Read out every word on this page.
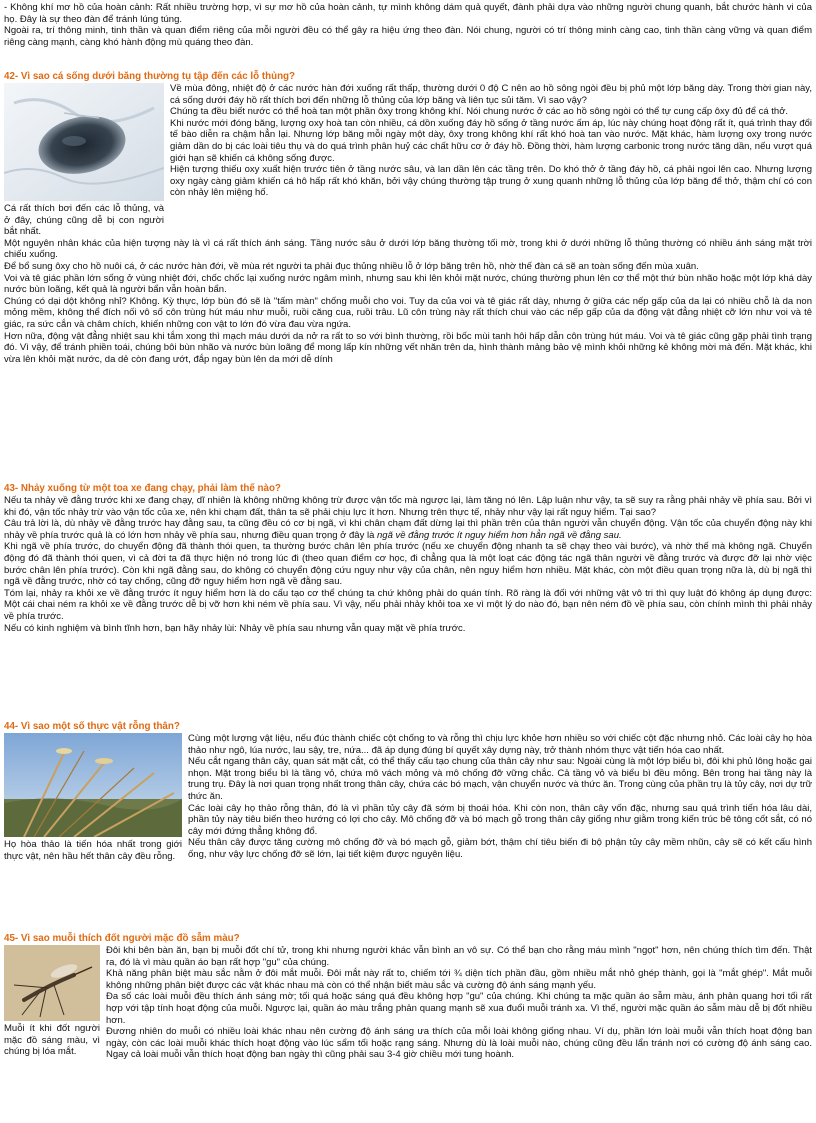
- Không khí mơ hồ của hoàn cảnh: Rất nhiều trường hợp, vì sự mơ hồ của hoàn cảnh, tự mình không dám quả quyết, đành phải dựa vào những người chung quanh, bắt chước hành vi của họ. Đây là sự theo đàn để tránh lúng túng.

Ngoài ra, trí thông minh, tinh thần và quan điểm riêng của mỗi người đều có thể gây ra hiệu ứng theo đàn. Nói chung, người có trí thông minh càng cao, tinh thần càng vững và quan điểm riêng càng mạnh, càng khó hành động mù quáng theo đàn.

42- Vì sao cá sống dưới băng thường tụ tập đến các lỗ thủng?

Cá rất thích bơi đến các lỗ thủng, và ở đây, chúng cũng dễ bị con người bắt nhất.

Về mùa đông, nhiệt độ ở các nước hàn đới xuống rất thấp, thường dưới 0 độ C nên ao hồ sông ngòi đều bị phủ một lớp băng dày. Trong thời gian này, cá sống dưới đáy hồ rất thích bơi đến những lỗ thủng của lớp băng và liên tục sủi tăm. Vì sao vậy?

Chúng ta đều biết nước có thể hoà tan một phần ôxy trong không khí. Nói chung nước ở các ao hồ sông ngòi có thể tự cung cấp ôxy đủ để cá thở.

Khi nước mới đóng băng, lượng oxy hoà tan còn nhiều, cá dồn xuống đáy hồ sống ở tầng nước ấm áp, lúc này chúng hoạt động rất ít, quá trình thay đổi tế bào diễn ra chậm hẳn lại. Nhưng lớp băng mỗi ngày một dày, ôxy trong không khí rất khó hoà tan vào nước. Mặt khác, hàm lượng oxy trong nước giảm dần do bị các loài tiêu thụ và do quá trình phân huỷ các chất hữu cơ ở đáy hồ. Đồng thời, hàm lượng carbonic trong nước tăng dần, nếu vượt quá giới hạn sẽ khiến cá không sống được.

Hiện tượng thiếu oxy xuất hiện trước tiên ở tầng nước sâu, và lan dần lên các tầng trên. Do khó thở ở tầng đáy hồ, cá phải ngoi lên cao. Nhưng lượng oxy ngày càng giảm khiến cá hô hấp rất khó khăn, bởi vậy chúng thường tập trung ở xung quanh những lỗ thủng của lớp băng để thở, thậm chí có con còn nhảy lên miệng hố.

Một nguyên nhân khác của hiện tượng này là vì cá rất thích ánh sáng. Tầng nước sâu ở dưới lớp băng thường tối mờ, trong khi ở dưới những lỗ thủng thường có nhiều ánh sáng mặt trời chiếu xuống.

Để bổ sung ôxy cho hồ nuôi cá, ở các nước hàn đới, về mùa rét người ta phải đục thủng nhiều lỗ ở lớp băng trên hồ, nhờ thế đàn cá sẽ an toàn sống đến mùa xuân.

Voi và tê giác phần lớn sống ở vùng nhiệt đới, chốc chốc lại xuống nước ngâm mình, nhưng sau khi lên khỏi mặt nước, chúng thường phun lên cơ thể một thứ bùn nhão hoặc một lớp khá dày nước bùn loãng, kết quả là người bẩn vẫn hoàn bẩn.

Chúng có dại dột không nhỉ? Không. Kỳ thực, lớp bùn đó sẽ là "tấm màn" chống muỗi cho voi. Tuy da của voi và tê giác rất dày, nhưng ở giữa các nếp gấp của da lại có nhiều chỗ là da non mỏng mềm, không thể đích nối vô số côn trùng hút máu như muỗi, ruồi căng cua, ruồi trâu. Lũ côn trùng này rất thích chui vào các nếp gấp của da động vật đẳng nhiệt cỡ lớn như voi và tê giác, ra sức cắn và châm chích, khiến những con vật to lớn đó vừa đau vừa ngứa.

Hơn nữa, động vật đẳng nhiệt sau khi tắm xong thì mạch máu dưới da nở ra rất to so với bình thường, rồi bốc mùi tanh hôi hấp dẫn côn trùng hút máu. Voi và tê giác cũng gặp phải tình trạng đó. Vì vậy, để tránh phiền toái, chúng bôi bùn nhão và nước bùn loãng để mong lấp kín những vết nhăn trên da, hình thành mảng bảo vệ mình khỏi những kẻ không mời mà đến. Mặt khác, khi vừa lên khỏi mặt nước, da dẻ còn đang ướt, đắp ngay bùn lên da mới dễ dính

43- Nhảy xuống từ một toa xe đang chạy, phải làm thế nào?

Nếu ta nhảy về đằng trước khi xe đang chạy, dĩ nhiên là không những không trừ được vận tốc mà ngược lại, làm tăng nó lên. Lập luận như vậy, ta sẽ suy ra rằng phải nhảy về phía sau. Bởi vì khi đó, vận tốc nhảy trừ vào vận tốc của xe, nên khi chạm đất, thân ta sẽ phải chịu lực ít hơn. Nhưng trên thực tế, nhảy như vậy lại rất nguy hiểm. Tại sao?

Câu trả lời là, dù nhảy về đằng trước hay đằng sau, ta cũng đều có cơ bị ngã, vì khi chân chạm đất dừng lại thì phần trên của thân người vẫn chuyển động. Vận tốc của chuyển động này khi nhảy về phía trước quả là có lớn hơn nhảy về phía sau, nhưng điều quan trọng ở đây là ngã về đằng trước ít nguy hiểm hơn hẳn ngã về đằng sau.

Khi ngã về phía trước, do chuyển động đã thành thói quen, ta thường bước chân lên phía trước (nếu xe chuyển động nhanh ta sẽ chạy theo vài bước), và nhờ thế mà không ngã. Chuyển động đó đã thành thói quen, vì cả đời ta đã thực hiện nó trong lúc đi (theo quan điểm cơ học, đi chẳng qua là một loạt các động tác ngã thân người về đằng trước và được đỡ lại nhờ việc bước chân lên phía trước). Còn khi ngã đằng sau, do không có chuyển động cứu nguy như vậy của chân, nên nguy hiểm hơn nhiều. Mặt khác, còn một điều quan trọng nữa là, dù bị ngã thì ngã về đằng trước, nhờ có tay chống, cũng đỡ nguy hiểm hơn ngã về đằng sau.

Tóm lại, nhảy ra khỏi xe về đằng trước ít nguy hiểm hơn là do cấu tạo cơ thể chúng ta chứ không phải do quán tính. Rõ ràng là đối với những vật vô tri thì quy luật đó không áp dụng được: Một cái chai ném ra khỏi xe về đằng trước dễ bị vỡ hơn khi ném về phía sau. Vì vậy, nếu phải nhảy khỏi toa xe vì một lý do nào đó, bạn nên ném đồ về phía sau, còn chính mình thì phải nhảy về phía trước.

Nếu có kinh nghiệm và bình tĩnh hơn, bạn hãy nhảy lùi: Nhảy về phía sau nhưng vẫn quay mặt về phía trước.

44- Vì sao một số thực vật rỗng thân?

Họ hòa thảo là tiến hóa nhất trong giới thực vật, nên hầu hết thân cây đều rỗng.

Cùng một lượng vật liệu, nếu đúc thành chiếc cột chống to và rỗng thì chịu lực khỏe hơn nhiều so với chiếc cột đặc nhưng nhỏ. Các loài cây họ hòa thảo như ngô, lúa nước, lau sậy, tre, nứa... đã áp dụng đúng bí quyết xây dựng này, trở thành nhóm thực vật tiến hóa cao nhất.

Nếu cắt ngang thân cây, quan sát mặt cắt, có thể thấy cấu tạo chung của thân cây như sau: Ngoài cùng là một lớp biểu bì, đôi khi phủ lông hoặc gai nhọn. Mặt trong biểu bì là tầng vỏ, chứa mô vách mỏng và mô chống đỡ vững chắc. Cả tầng vỏ và biểu bì đều mỏng. Bên trong hai tầng này là trung trụ. Đây là nơi quan trọng nhất trong thân cây, chứa các bó mạch, vận chuyển nước và thức ăn. Trong cùng của phần trụ là tủy cây, nơi dự trữ thức ăn.

Các loài cây họ thảo rỗng thân, đó là vì phần tủy cây đã sớm bị thoái hóa. Khi còn non, thân cây vốn đặc, nhưng sau quá trình tiến hóa lâu dài, phần tủy này tiêu biến theo hướng có lợi cho cây. Mô chống đỡ và bó mạch gỗ trong thân cây giống như giằm trong kiến trúc bê tông cốt sắt, có nó cây mới đứng thẳng không đổ.

Nếu thân cây được tăng cường mô chống đỡ và bó mạch gỗ, giảm bớt, thậm chí tiêu biến đi bộ phận tủy cây mềm nhũn, cây sẽ có kết cấu hình ống, như vậy lực chống đỡ sẽ lớn, lại tiết kiệm được nguyên liệu.

45- Vì sao muỗi thích đốt người mặc đồ sẫm màu?

Muỗi ít khi đốt người mặc đồ sáng màu, vì chúng bị lóa mắt.

Đôi khi bên bàn ăn, bạn bị muỗi đốt chí tử, trong khi nhưng người khác vẫn bình an vô sự. Có thể bạn cho rằng máu mình "ngọt" hơn, nên chúng thích tìm đến. Thật ra, đó là vì màu quần áo bạn rất hợp "gu" của chúng.

Khả năng phân biệt màu sắc nằm ở đôi mắt muỗi. Đôi mắt này rất to, chiếm tới ¾ diện tích phần đầu, gồm nhiều mắt nhỏ ghép thành, gọi là "mắt ghép". Mắt muỗi không những phân biệt được các vật khác nhau mà còn có thể nhận biết màu sắc và cường độ ánh sáng mạnh yếu.

Đa số các loài muỗi đều thích ánh sáng mờ; tối quá hoặc sáng quá đều không hợp "gu" của chúng. Khi chúng ta mặc quần áo sẫm màu, ánh phản quang hơi tối rất hợp với tập tính hoạt động của muỗi. Ngược lại, quần áo màu trắng phản quang mạnh sẽ xua đuổi muỗi tránh xa. Vì thế, người mặc quần áo sẫm màu dễ bị đốt nhiều hơn.

Đương nhiên do muỗi có nhiều loài khác nhau nên cường độ ánh sáng ưa thích của mỗi loài không giống nhau. Ví dụ, phần lớn loài muỗi vẫn thích hoạt động ban ngày, còn các loài muỗi khác thích hoạt động vào lúc sẩm tối hoặc rạng sáng. Nhưng dù là loài muỗi nào, chúng cũng đều lẩn tránh nơi có cường độ ánh sáng cao. Ngay cả loài muỗi vẫn thích hoạt động ban ngày thì cũng phải sau 3-4 giờ chiều mới tung hoành.
